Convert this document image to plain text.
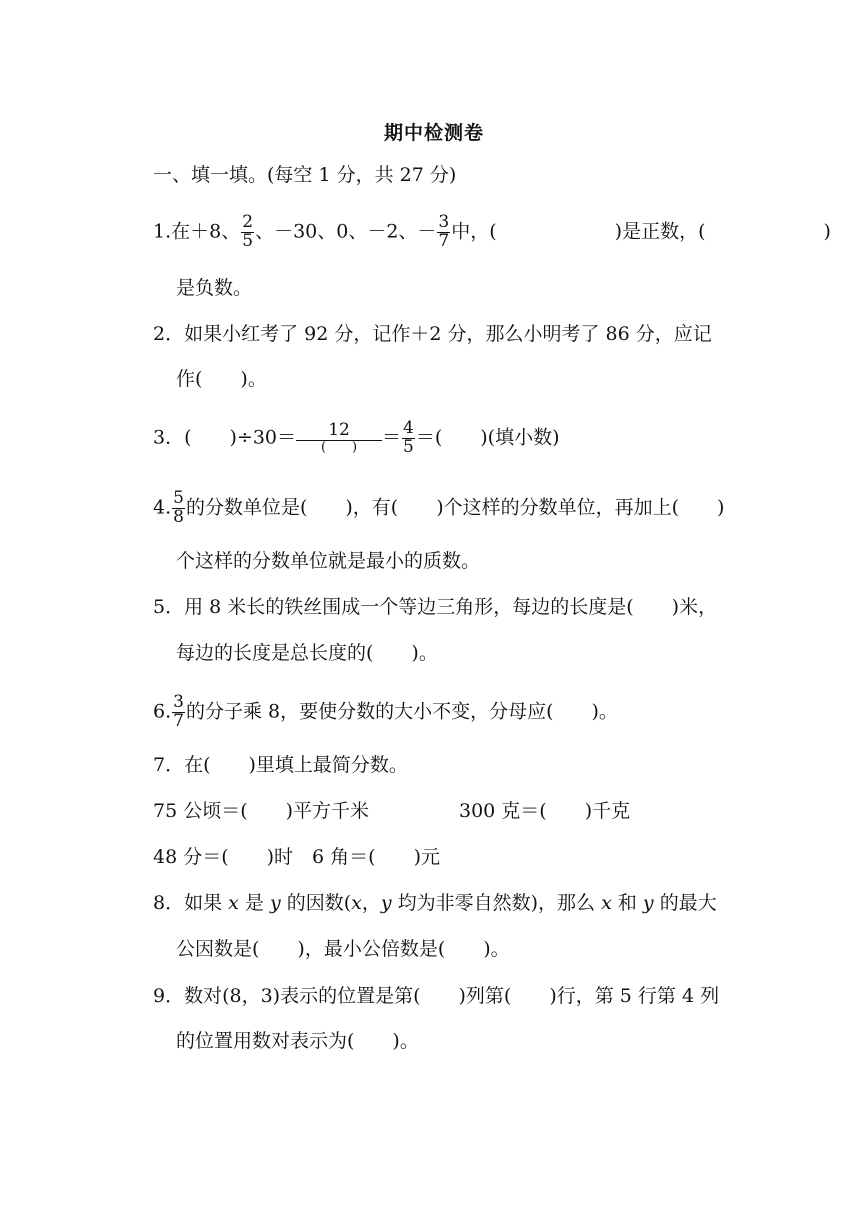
期中检测卷
一、填一填。(每空 1 分，共 27 分)
1.在＋8、 $\frac{2}{5}$ 、－30、0、－2、－ $\frac{3}{7}$ 中，(	)是正数，(	)
是负数。
2．如果小红考了 92 分，记作＋2 分，那么小明考了 86 分，应记
作(　　)。
3．(　　)$\div 30= \frac{12}{( )} = \frac{4}{5}$ ＝(　　)(填小数)
4. $\frac{5}{8}$ 的分数单位是(　　)，有(　　)个这样的分数单位，再加上(　　)
个这样的分数单位就是最小的质数。
5．用 8 米长的铁丝围成一个等边三角形，每边的长度是(　　)米，
每边的长度是总长度的(　　)。
6. $\frac{3}{7}$ 的分子乘 8，要使分数的大小不变，分母应(　　)。
7．在(　　)里填上最简分数。
75 公顷＝(　　)平方千米	300 克＝(　　)千克
48 分＝(　　)时　6 角＝(　　)元
8．如果 x 是 y 的因数(x，y 均为非零自然数)，那么 x 和 y 的最大
公因数是(　　)，最小公倍数是(　　)。
9．数对(8，3)表示的位置是第(　　)列第(　　)行，第 5 行第 4 列
的位置用数对表示为(　　)。
